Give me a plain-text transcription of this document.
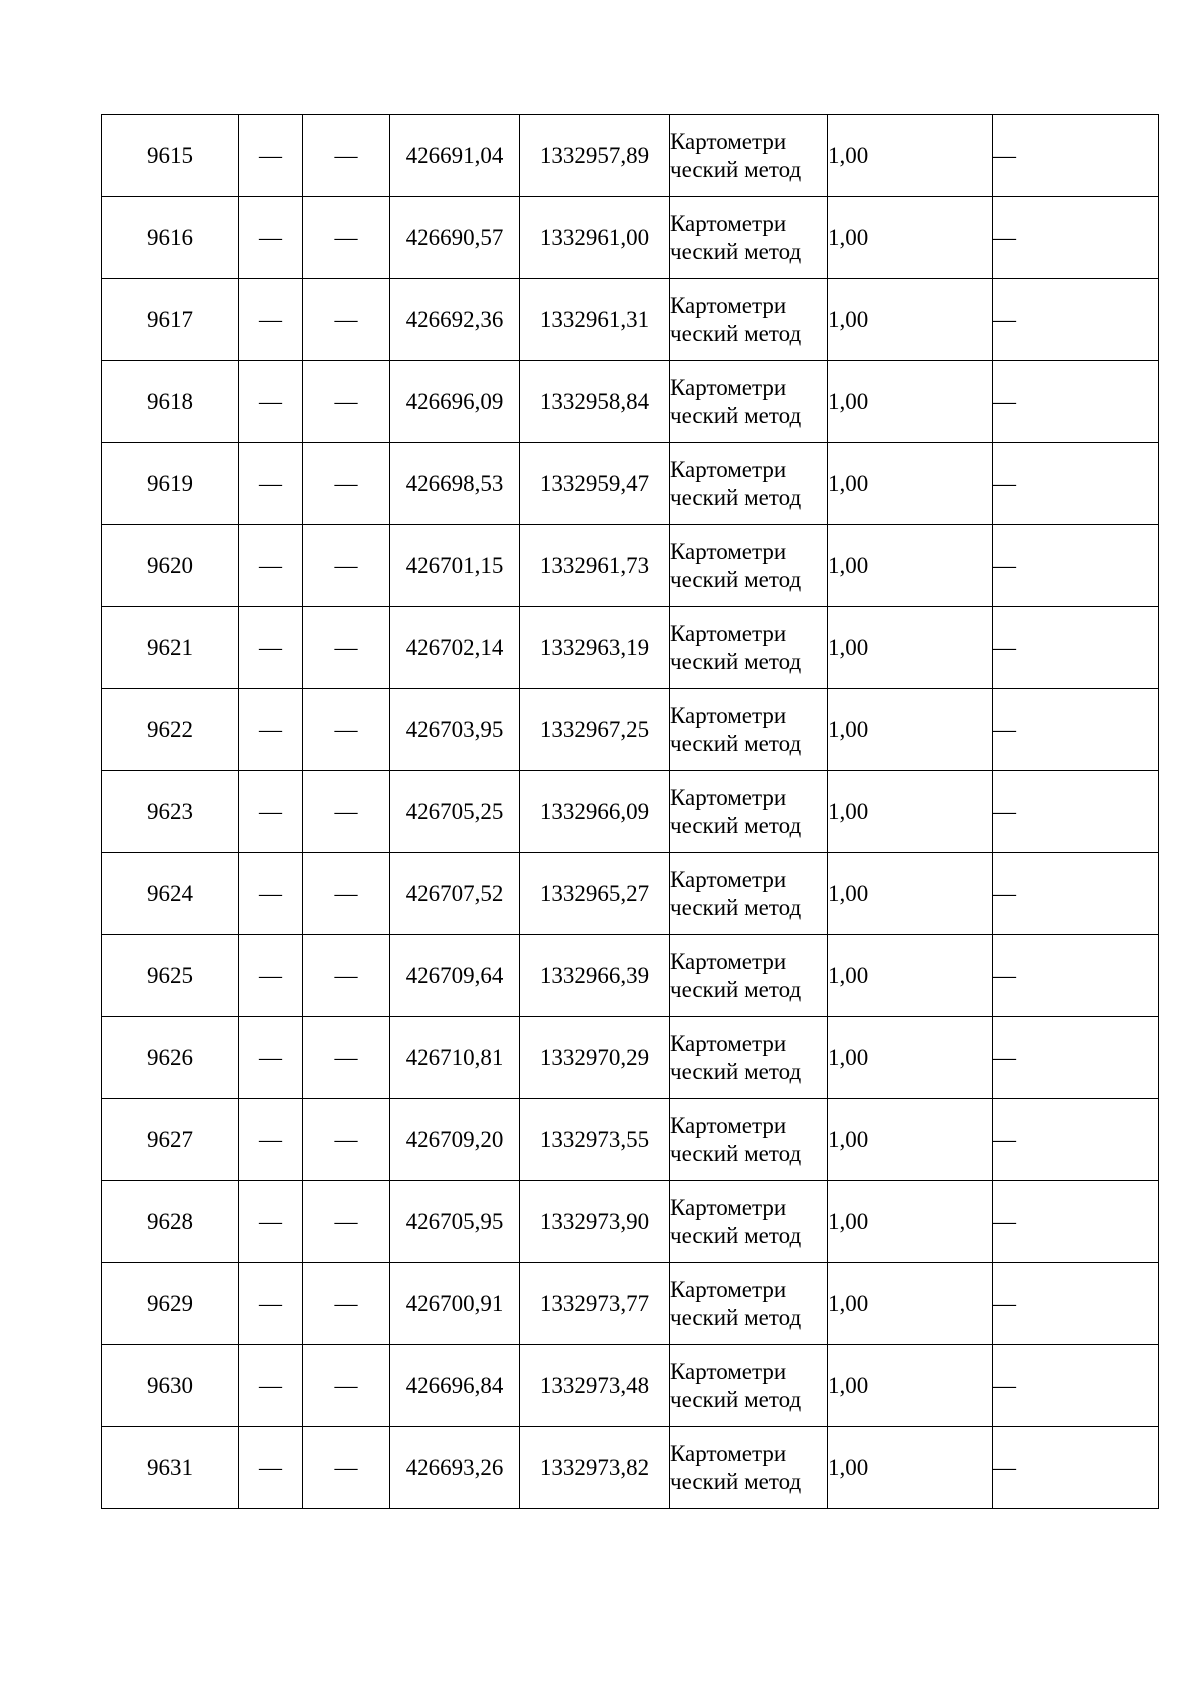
9615	—	—	426691,04	1332957,89	Картометри ческий метод	1,00	—
9616	—	—	426690,57	1332961,00	Картометри ческий метод	1,00	—
9617	—	—	426692,36	1332961,31	Картометри ческий метод	1,00	—
9618	—	—	426696,09	1332958,84	Картометри ческий метод	1,00	—
9619	—	—	426698,53	1332959,47	Картометри ческий метод	1,00	—
9620	—	—	426701,15	1332961,73	Картометри ческий метод	1,00	—
9621	—	—	426702,14	1332963,19	Картометри ческий метод	1,00	—
9622	—	—	426703,95	1332967,25	Картометри ческий метод	1,00	—
9623	—	—	426705,25	1332966,09	Картометри ческий метод	1,00	—
9624	—	—	426707,52	1332965,27	Картометри ческий метод	1,00	—
9625	—	—	426709,64	1332966,39	Картометри ческий метод	1,00	—
9626	—	—	426710,81	1332970,29	Картометри ческий метод	1,00	—
9627	—	—	426709,20	1332973,55	Картометри ческий метод	1,00	—
9628	—	—	426705,95	1332973,90	Картометри ческий метод	1,00	—
9629	—	—	426700,91	1332973,77	Картометри ческий метод	1,00	—
9630	—	—	426696,84	1332973,48	Картометри ческий метод	1,00	—
9631	—	—	426693,26	1332973,82	Картометри ческий метод	1,00	—
